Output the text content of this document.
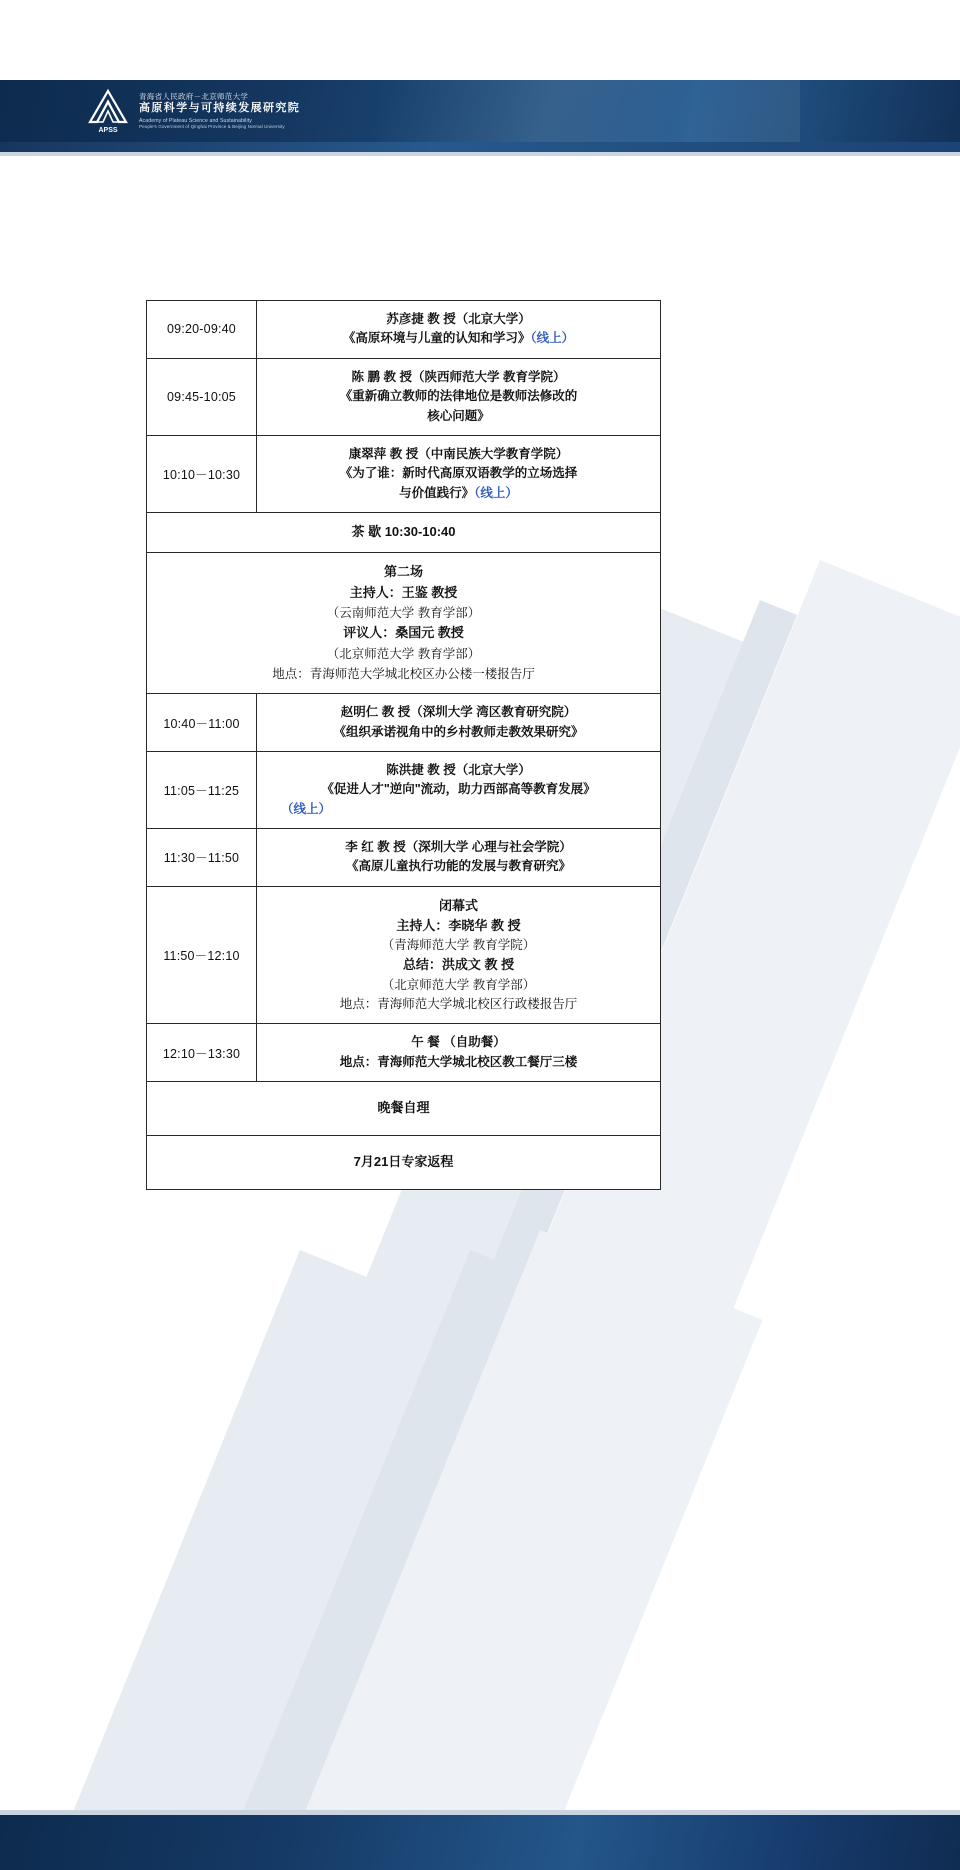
APSS
青海省人民政府－北京师范大学
高原科学与可持续发展研究院
Academy of Plateau Science and Sustainability
People's Government of Qinghai Province & Beijing Normal University
09:20-09:40	苏彦捷 教 授（北京大学）
《高原环境与儿童的认知和学习》（线上）

09:45-10:05	陈 鹏 教 授（陕西师范大学 教育学院）
《重新确立教师的法律地位是教师法修改的
核心问题》

10:10－10:30	康翠萍 教 授（中南民族大学教育学院）
《为了谁：新时代高原双语教学的立场选择
与价值践行》（线上）

茶 歇 10:30-10:40	

第二场
主持人：王鉴 教授
（云南师范大学 教育学部）
评议人：桑国元 教授
（北京师范大学 教育学部）
地点：青海师范大学城北校区办公楼一楼报告厅

10:40－11:00	赵明仁 教 授（深圳大学 湾区教育研究院）
《组织承诺视角中的乡村教师走教效果研究》

11:05－11:25	陈洪捷 教 授（北京大学）
《促进人才"逆向"流动，助力西部高等教育发展》
（线上）

11:30－11:50	李 红 教 授（深圳大学 心理与社会学院）
《高原儿童执行功能的发展与教育研究》

11:50－12:10	
闭幕式
主持人：李晓华 教 授
（青海师范大学 教育学院）
总结：洪成文 教 授
（北京师范大学 教育学部）
地点：青海师范大学城北校区行政楼报告厅

12:10－13:30	午 餐 （自助餐）
地点：青海师范大学城北校区教工餐厅三楼

晚餐自理	
7月21日专家返程	
